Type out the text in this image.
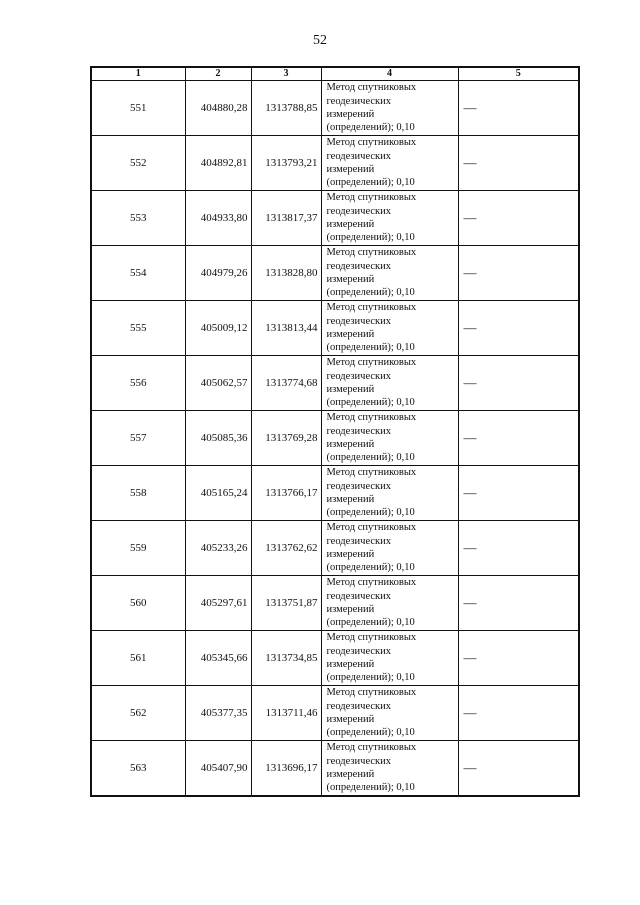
52
1	2	3	4	5
551	404880,28	1313788,85	Метод спутниковых
геодезических
измерений
(определений); 0,10	—
552	404892,81	1313793,21	Метод спутниковых
геодезических
измерений
(определений); 0,10	—
553	404933,80	1313817,37	Метод спутниковых
геодезических
измерений
(определений); 0,10	—
554	404979,26	1313828,80	Метод спутниковых
геодезических
измерений
(определений); 0,10	—
555	405009,12	1313813,44	Метод спутниковых
геодезических
измерений
(определений); 0,10	—
556	405062,57	1313774,68	Метод спутниковых
геодезических
измерений
(определений); 0,10	—
557	405085,36	1313769,28	Метод спутниковых
геодезических
измерений
(определений); 0,10	—
558	405165,24	1313766,17	Метод спутниковых
геодезических
измерений
(определений); 0,10	—
559	405233,26	1313762,62	Метод спутниковых
геодезических
измерений
(определений); 0,10	—
560	405297,61	1313751,87	Метод спутниковых
геодезических
измерений
(определений); 0,10	—
561	405345,66	1313734,85	Метод спутниковых
геодезических
измерений
(определений); 0,10	—
562	405377,35	1313711,46	Метод спутниковых
геодезических
измерений
(определений); 0,10	—
563	405407,90	1313696,17	Метод спутниковых
геодезических
измерений
(определений); 0,10	—
